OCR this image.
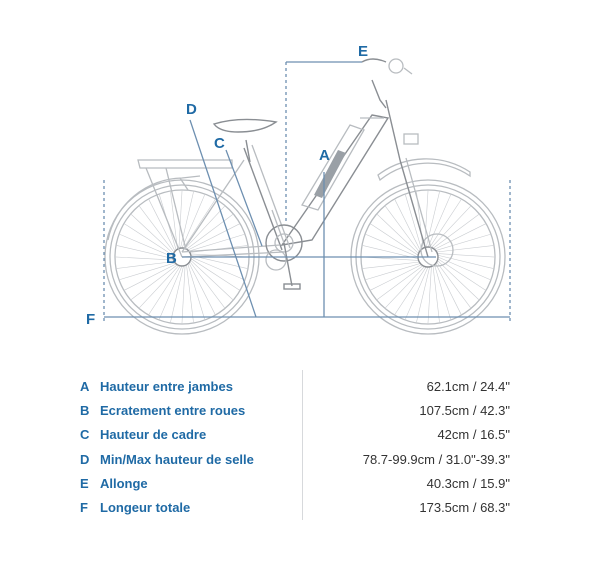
E
D
C
A
B
F
A Hauteur entre jambes	62.1cm / 24.4"
B Ecratement entre roues	107.5cm / 42.3"
C Hauteur de cadre	42cm / 16.5"
D Min/Max hauteur de selle	78.7-99.9cm / 31.0"-39.3"
E Allonge	40.3cm / 15.9"
F Longeur totale	173.5cm / 68.3"
